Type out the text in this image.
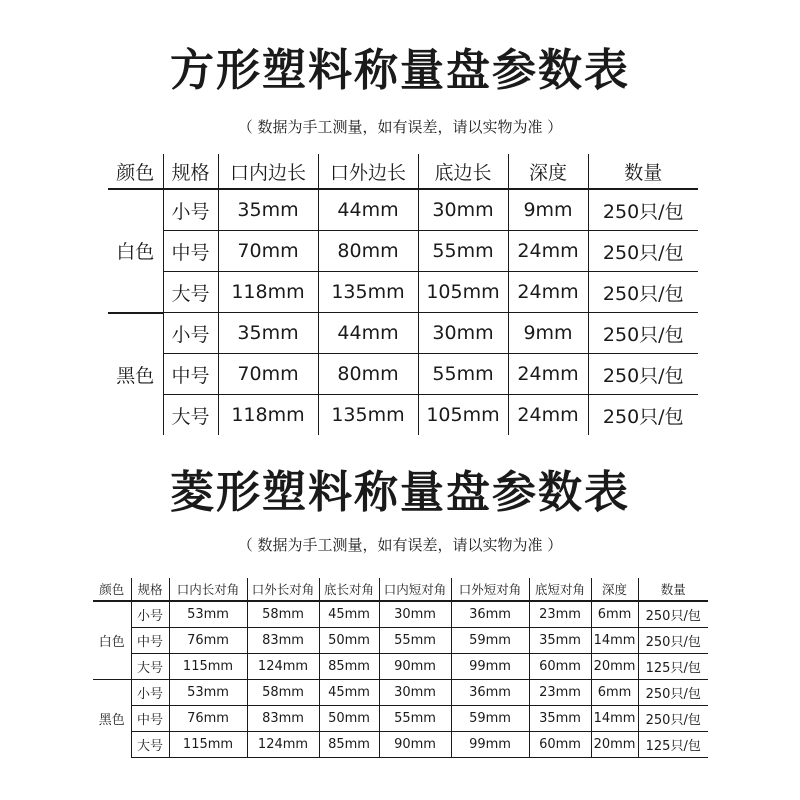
方形塑料称量盘参数表

（ 数据为手工测量，如有误差，请以实物为准 ）

颜色	规格	口内边长	口外边长	底边长	深度	数量
白色	小号	35mm	44mm	30mm	9mm	250只/包
	中号	70mm	80mm	55mm	24mm	250只/包
	大号	118mm	135mm	105mm	24mm	250只/包
黑色	小号	35mm	44mm	30mm	9mm	250只/包
	中号	70mm	80mm	55mm	24mm	250只/包
	大号	118mm	135mm	105mm	24mm	250只/包
菱形塑料称量盘参数表

（ 数据为手工测量，如有误差，请以实物为准 ）

颜色	规格	口内长对角	口外长对角	底长对角	口内短对角	口外短对角	底短对角	深度	数量
白色	小号	53mm	58mm	45mm	30mm	36mm	23mm	6mm	250只/包
	中号	76mm	83mm	50mm	55mm	59mm	35mm	14mm	250只/包
	大号	115mm	124mm	85mm	90mm	99mm	60mm	20mm	125只/包
黑色	小号	53mm	58mm	45mm	30mm	36mm	23mm	6mm	250只/包
	中号	76mm	83mm	50mm	55mm	59mm	35mm	14mm	250只/包
	大号	115mm	124mm	85mm	90mm	99mm	60mm	20mm	125只/包
